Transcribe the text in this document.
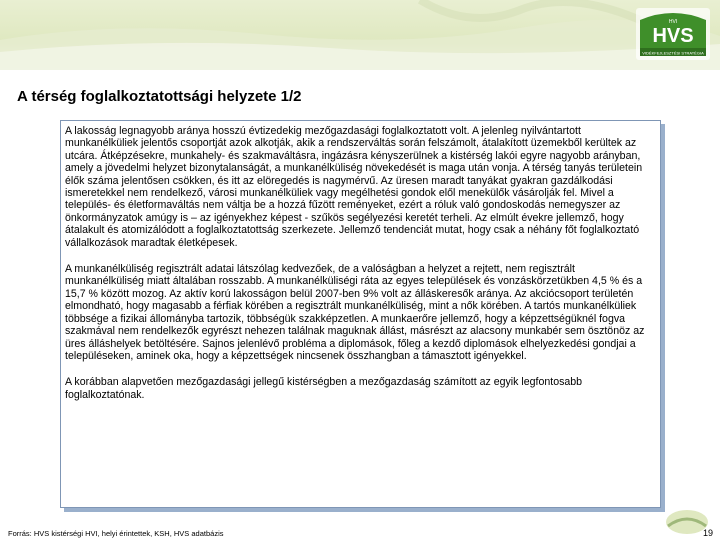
HVS
HVI
VIDÉKFEJLESZTÉSI STRATÉGIA
A térség foglalkoztatottsági helyzete 1/2

A lakosság legnagyobb aránya hosszú évtizedekig mezőgazdasági foglalkoztatott volt. A jelenleg nyilvántartott munkanélküliek jelentős csoportját azok alkotják, akik a rendszerváltás során felszámolt, átalakított üzemekből kerültek az utcára. Átképzésekre, munkahely- és szakmaváltásra, ingázásra kényszerülnek a kistérség lakói egyre nagyobb arányban, amely a jövedelmi helyzet bizonytalanságát, a munkanélküliség növekedését is maga után vonja. A térség tanyás területein élők száma jelentősen csökken, és itt az elöregedés is nagymérvű. Az üresen maradt tanyákat gyakran gazdálkodási ismeretekkel nem rendelkező, városi munkanélküliek vagy megélhetési gondok elől menekülők vásárolják fel. Mivel a település- és életformaváltás nem váltja be a hozzá fűzött reményeket, ezért a róluk való gondoskodás nemegyszer az önkormányzatok amúgy is – az igényekhez képest - szűkös segélyezési keretét terheli. Az elmúlt évekre jellemző, hogy átalakult és atomizálódott a foglalkoztatottság szerkezete. Jellemző tendenciát mutat, hogy csak a néhány főt foglalkoztató vállalkozások maradtak életképesek.

A munkanélküliség regisztrált adatai látszólag kedvezőek, de a valóságban a helyzet a rejtett, nem regisztrált munkanélküliség miatt általában rosszabb. A munkanélküliségi ráta az egyes települések és vonzáskörzetükben 4,5 % és a 15,7 % között mozog. Az aktív korú lakosságon belül 2007-ben 9% volt az álláskeresők aránya. Az akciócsoport területén elmondható, hogy magasabb a férfiak körében a regisztrált munkanélküliség, mint a nők körében. A tartós munkanélküliek többsége a fizikai állományba tartozik, többségük szakképzetlen. A munkaerőre jellemző, hogy a képzettségüknél fogva szakmával nem rendelkezők egyrészt nehezen találnak maguknak állást, másrészt az alacsony munkabér sem ösztönöz az üres álláshelyek betöltésére. Sajnos jelenlévő probléma a diplomások, főleg a kezdő diplomások elhelyezkedési gondjai a településeken, aminek oka, hogy a képzettségek nincsenek összhangban a támasztott igényekkel.

A korábban alapvetően mezőgazdasági jellegű kistérségben a mezőgazdaság számított az egyik legfontosabb foglalkoztatónak.

Forrás: HVS kistérségi HVI, helyi érintettek, KSH, HVS adatbázis	19
